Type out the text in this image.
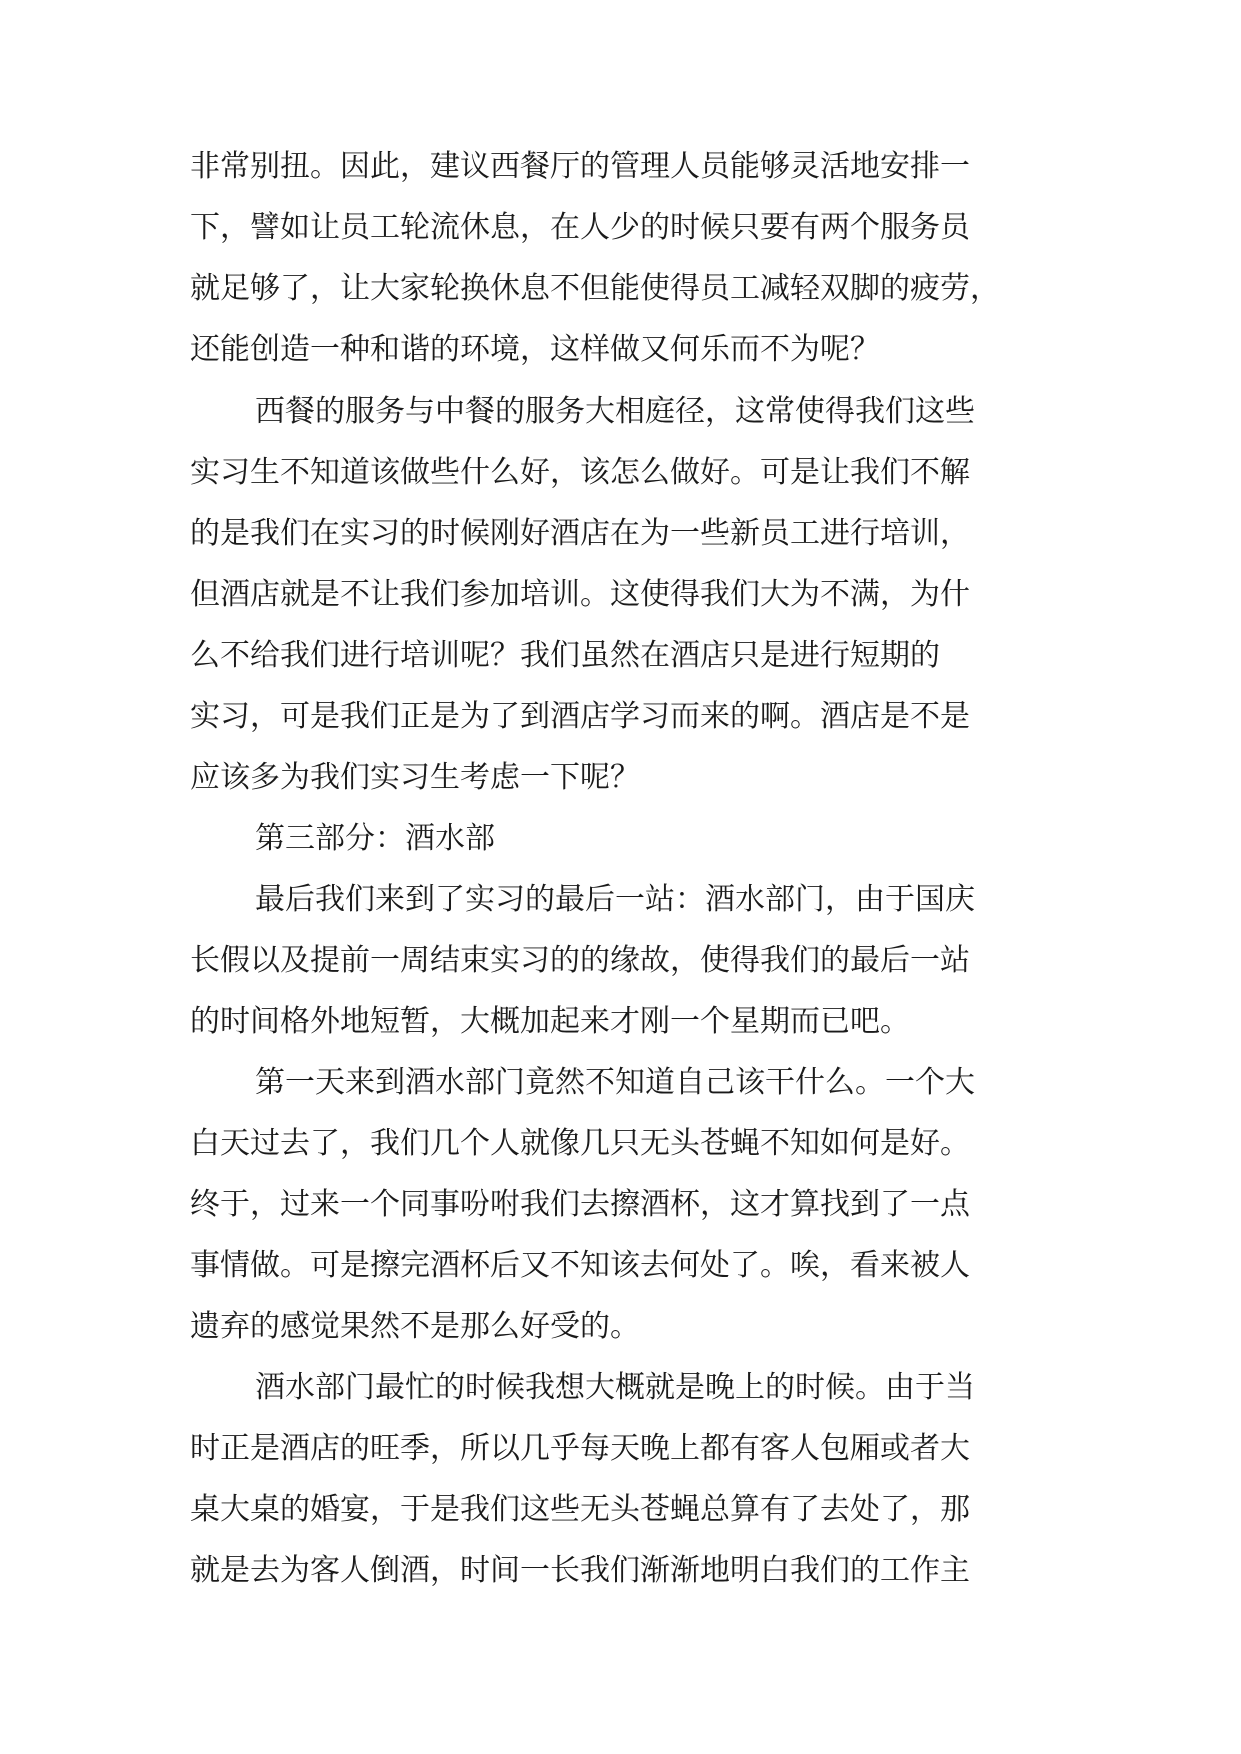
非常别扭。因此，建议西餐厅的管理人员能够灵活地安排一
下，譬如让员工轮流休息，在人少的时候只要有两个服务员
就足够了，让大家轮换休息不但能使得员工减轻双脚的疲劳，
还能创造一种和谐的环境，这样做又何乐而不为呢？
西餐的服务与中餐的服务大相庭径，这常使得我们这些
实习生不知道该做些什么好，该怎么做好。可是让我们不解
的是我们在实习的时候刚好酒店在为一些新员工进行培训，
但酒店就是不让我们参加培训。这使得我们大为不满，为什
么不给我们进行培训呢？我们虽然在酒店只是进行短期的
实习，可是我们正是为了到酒店学习而来的啊。酒店是不是
应该多为我们实习生考虑一下呢？
第三部分：酒水部
最后我们来到了实习的最后一站：酒水部门，由于国庆
长假以及提前一周结束实习的的缘故，使得我们的最后一站
的时间格外地短暂，大概加起来才刚一个星期而已吧。
第一天来到酒水部门竟然不知道自己该干什么。一个大
白天过去了，我们几个人就像几只无头苍蝇不知如何是好。
终于，过来一个同事吩咐我们去擦酒杯，这才算找到了一点
事情做。可是擦完酒杯后又不知该去何处了。唉，看来被人
遗弃的感觉果然不是那么好受的。
酒水部门最忙的时候我想大概就是晚上的时候。由于当
时正是酒店的旺季，所以几乎每天晚上都有客人包厢或者大
桌大桌的婚宴，于是我们这些无头苍蝇总算有了去处了，那
就是去为客人倒酒，时间一长我们渐渐地明白我们的工作主
